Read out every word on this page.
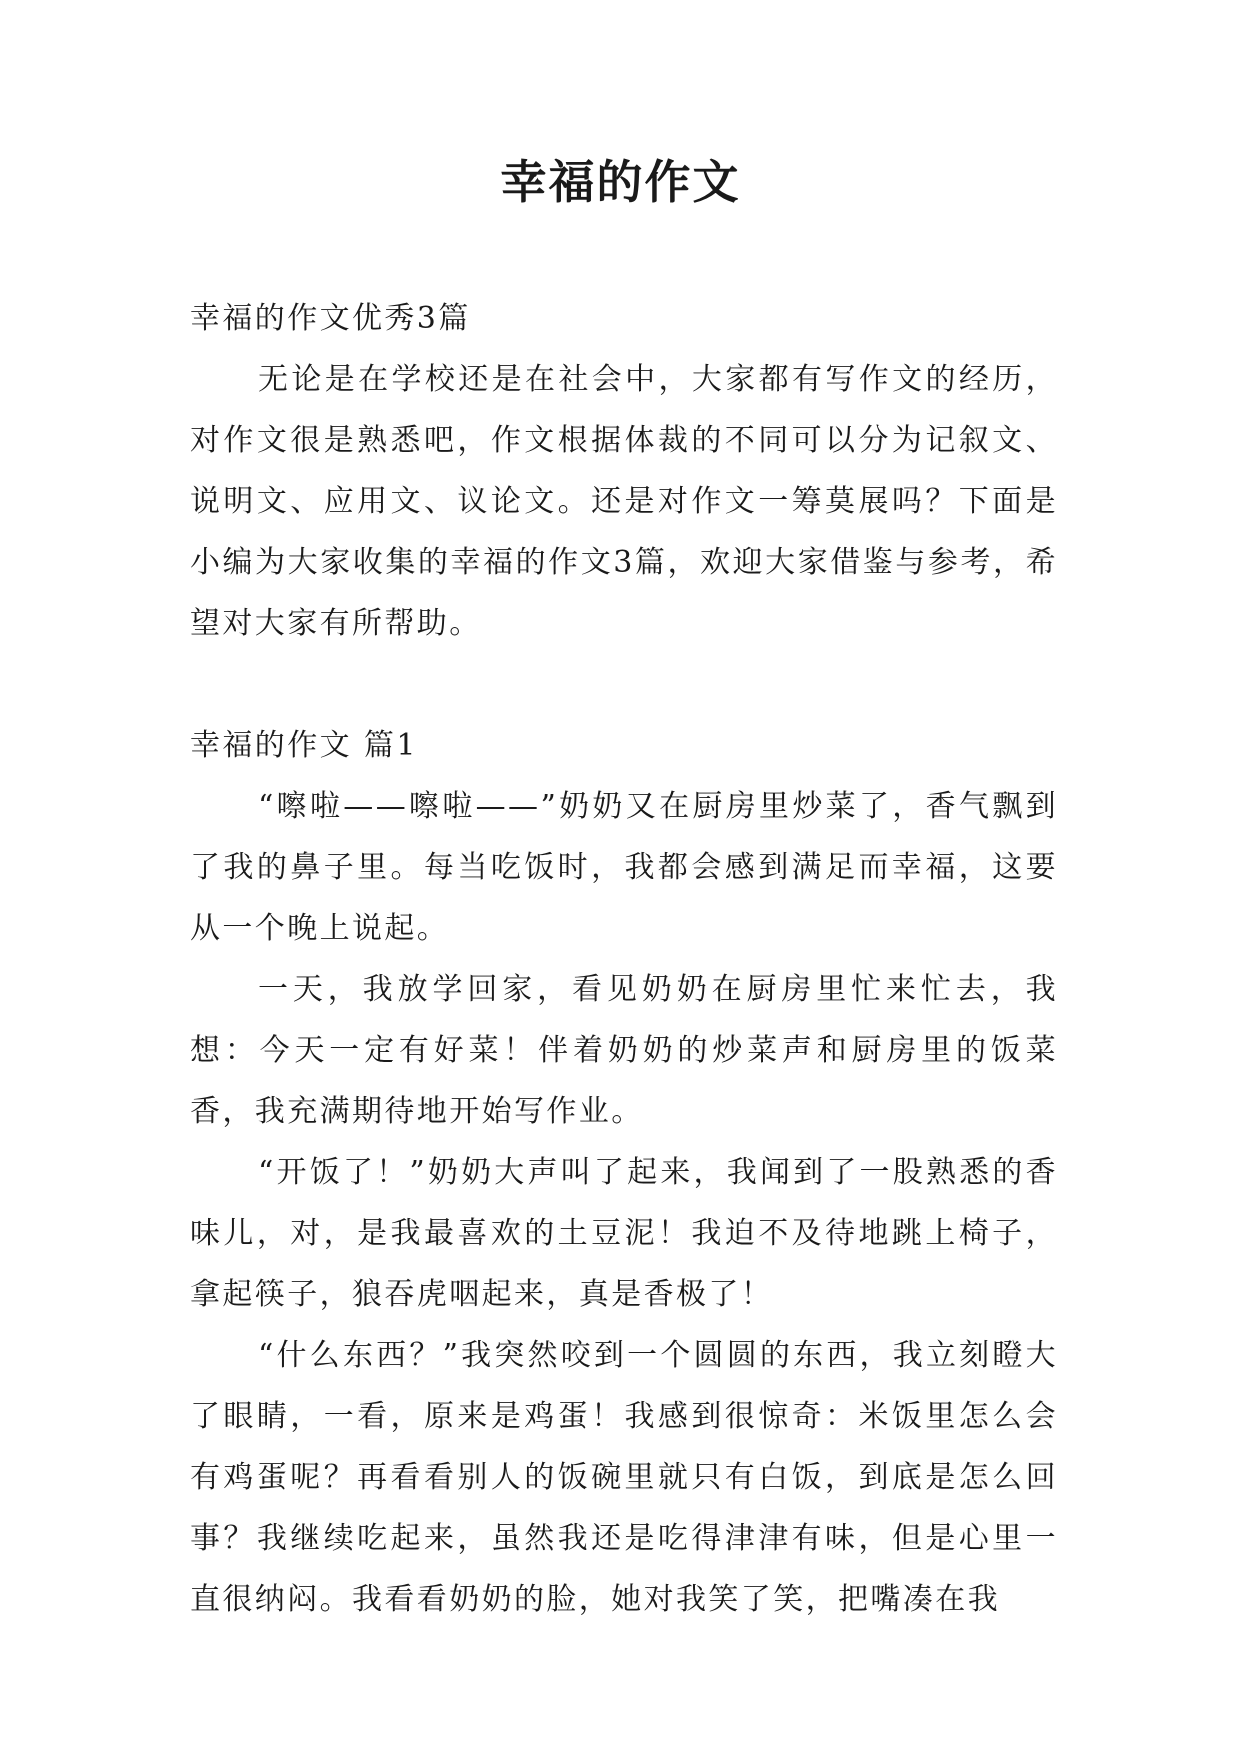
幸福的作文

幸福的作文优秀3篇

无论是在学校还是在社会中，大家都有写作文的经历，对作文很是熟悉吧，作文根据体裁的不同可以分为记叙文、说明文、应用文、议论文。还是对作文一筹莫展吗？下面是小编为大家收集的幸福的作文3篇，欢迎大家借鉴与参考，希望对大家有所帮助。

幸福的作文 篇1

“嚓啦——嚓啦——”奶奶又在厨房里炒菜了，香气飘到了我的鼻子里。每当吃饭时，我都会感到满足而幸福，这要从一个晚上说起。

一天，我放学回家，看见奶奶在厨房里忙来忙去，我想：今天一定有好菜！伴着奶奶的炒菜声和厨房里的饭菜香，我充满期待地开始写作业。

“开饭了！”奶奶大声叫了起来，我闻到了一股熟悉的香味儿，对，是我最喜欢的土豆泥！我迫不及待地跳上椅子，拿起筷子，狼吞虎咽起来，真是香极了！

“什么东西？”我突然咬到一个圆圆的东西，我立刻瞪大了眼睛，一看，原来是鸡蛋！我感到很惊奇：米饭里怎么会有鸡蛋呢？再看看别人的饭碗里就只有白饭，到底是怎么回事？我继续吃起来，虽然我还是吃得津津有味，但是心里一直很纳闷。我看看奶奶的脸，她对我笑了笑，把嘴凑在我
